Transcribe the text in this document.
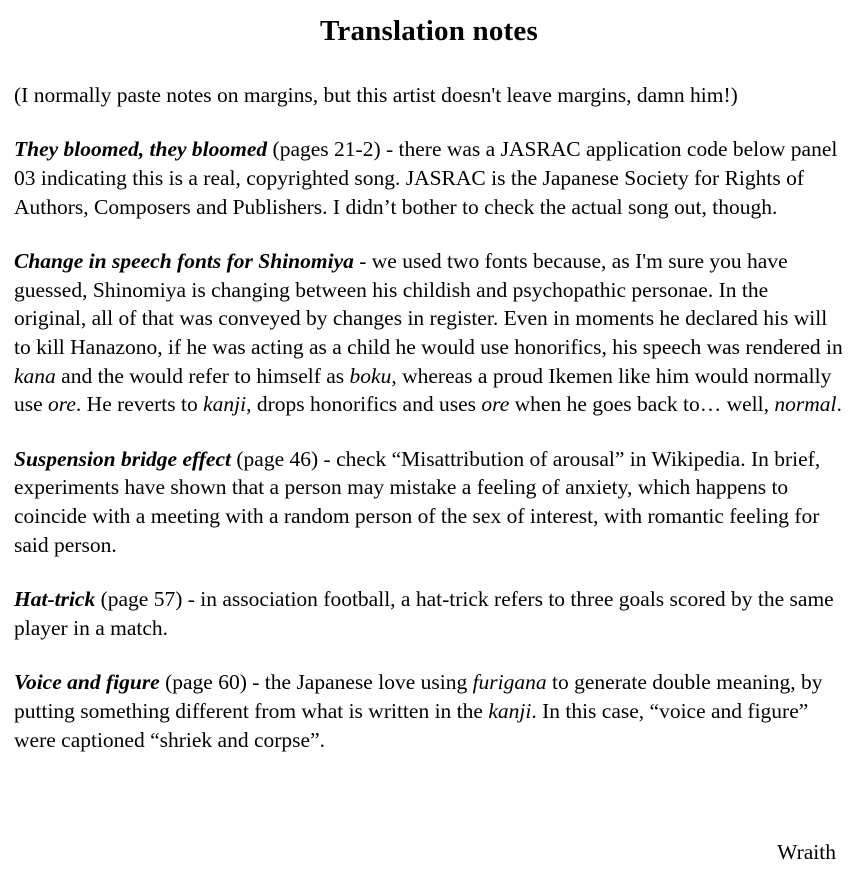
Translation notes

(I normally paste notes on margins, but this artist doesn't leave margins, damn him!)

They bloomed, they bloomed (pages 21-2) - there was a JASRAC application code below panel 03 indicating this is a real, copyrighted song. JASRAC is the Japanese Society for Rights of Authors, Composers and Publishers. I didn’t bother to check the actual song out, though.

Change in speech fonts for Shinomiya - we used two fonts because, as I'm sure you have guessed, Shinomiya is changing between his childish and psychopathic personae. In the original, all of that was conveyed by changes in register. Even in moments he declared his will to kill Hanazono, if he was acting as a child he would use honorifics, his speech was rendered in kana and the would refer to himself as boku, whereas a proud Ikemen like him would normally use ore. He reverts to kanji, drops honorifics and uses ore when he goes back to… well, normal.

Suspension bridge effect (page 46) - check “Misattribution of arousal” in Wikipedia. In brief, experiments have shown that a person may mistake a feeling of anxiety, which happens to coincide with a meeting with a random person of the sex of interest, with romantic feeling for said person.

Hat-trick (page 57) - in association football, a hat-trick refers to three goals scored by the same player in a match.

Voice and figure (page 60) - the Japanese love using furigana to generate double meaning, by putting something different from what is written in the kanji. In this case, “voice and figure” were captioned “shriek and corpse”.

Wraith
